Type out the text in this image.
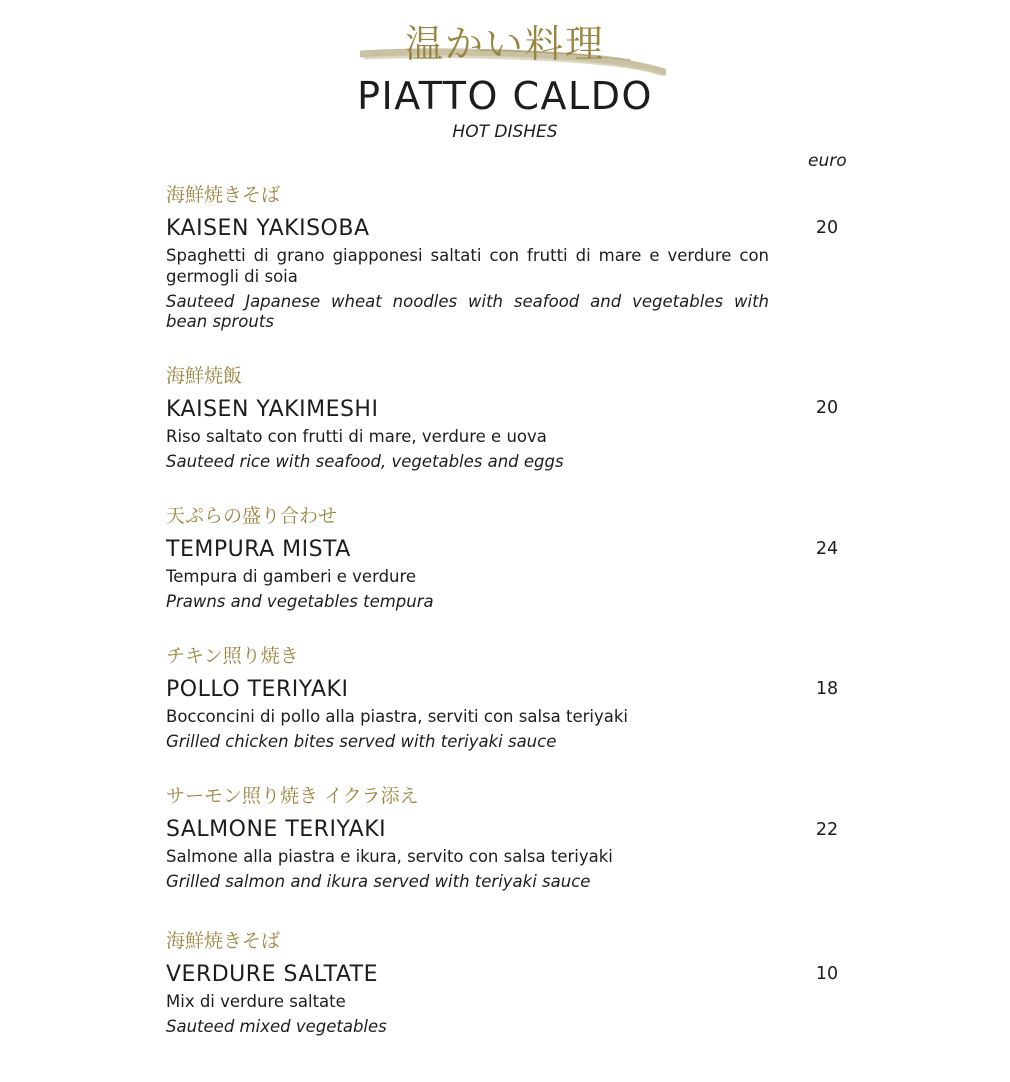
温かい料理
PIATTO CALDO
HOT DISHES
euro
海鮮焼きそば
KAISEN YAKISOBA
Spaghetti di grano giapponesi saltati con frutti di mare e verdure con germogli di soia
Sauteed Japanese wheat noodles with seafood and vegetables with bean sprouts
20
海鮮焼飯
KAISEN YAKIMESHI
Riso saltato con frutti di mare, verdure e uova
Sauteed rice with seafood, vegetables and eggs
20
天ぷらの盛り合わせ
TEMPURA MISTA
Tempura di gamberi e verdure
Prawns and vegetables tempura
24
チキン照り焼き
POLLO TERIYAKI
Bocconcini di pollo alla piastra, serviti con salsa teriyaki
Grilled chicken bites served with teriyaki sauce
18
サーモン照り焼き イクラ添え
SALMONE TERIYAKI
Salmone alla piastra e ikura, servito con salsa teriyaki
Grilled salmon and ikura served with teriyaki sauce
22
海鮮焼きそば
VERDURE SALTATE
Mix di verdure saltate
Sauteed mixed vegetables
10
